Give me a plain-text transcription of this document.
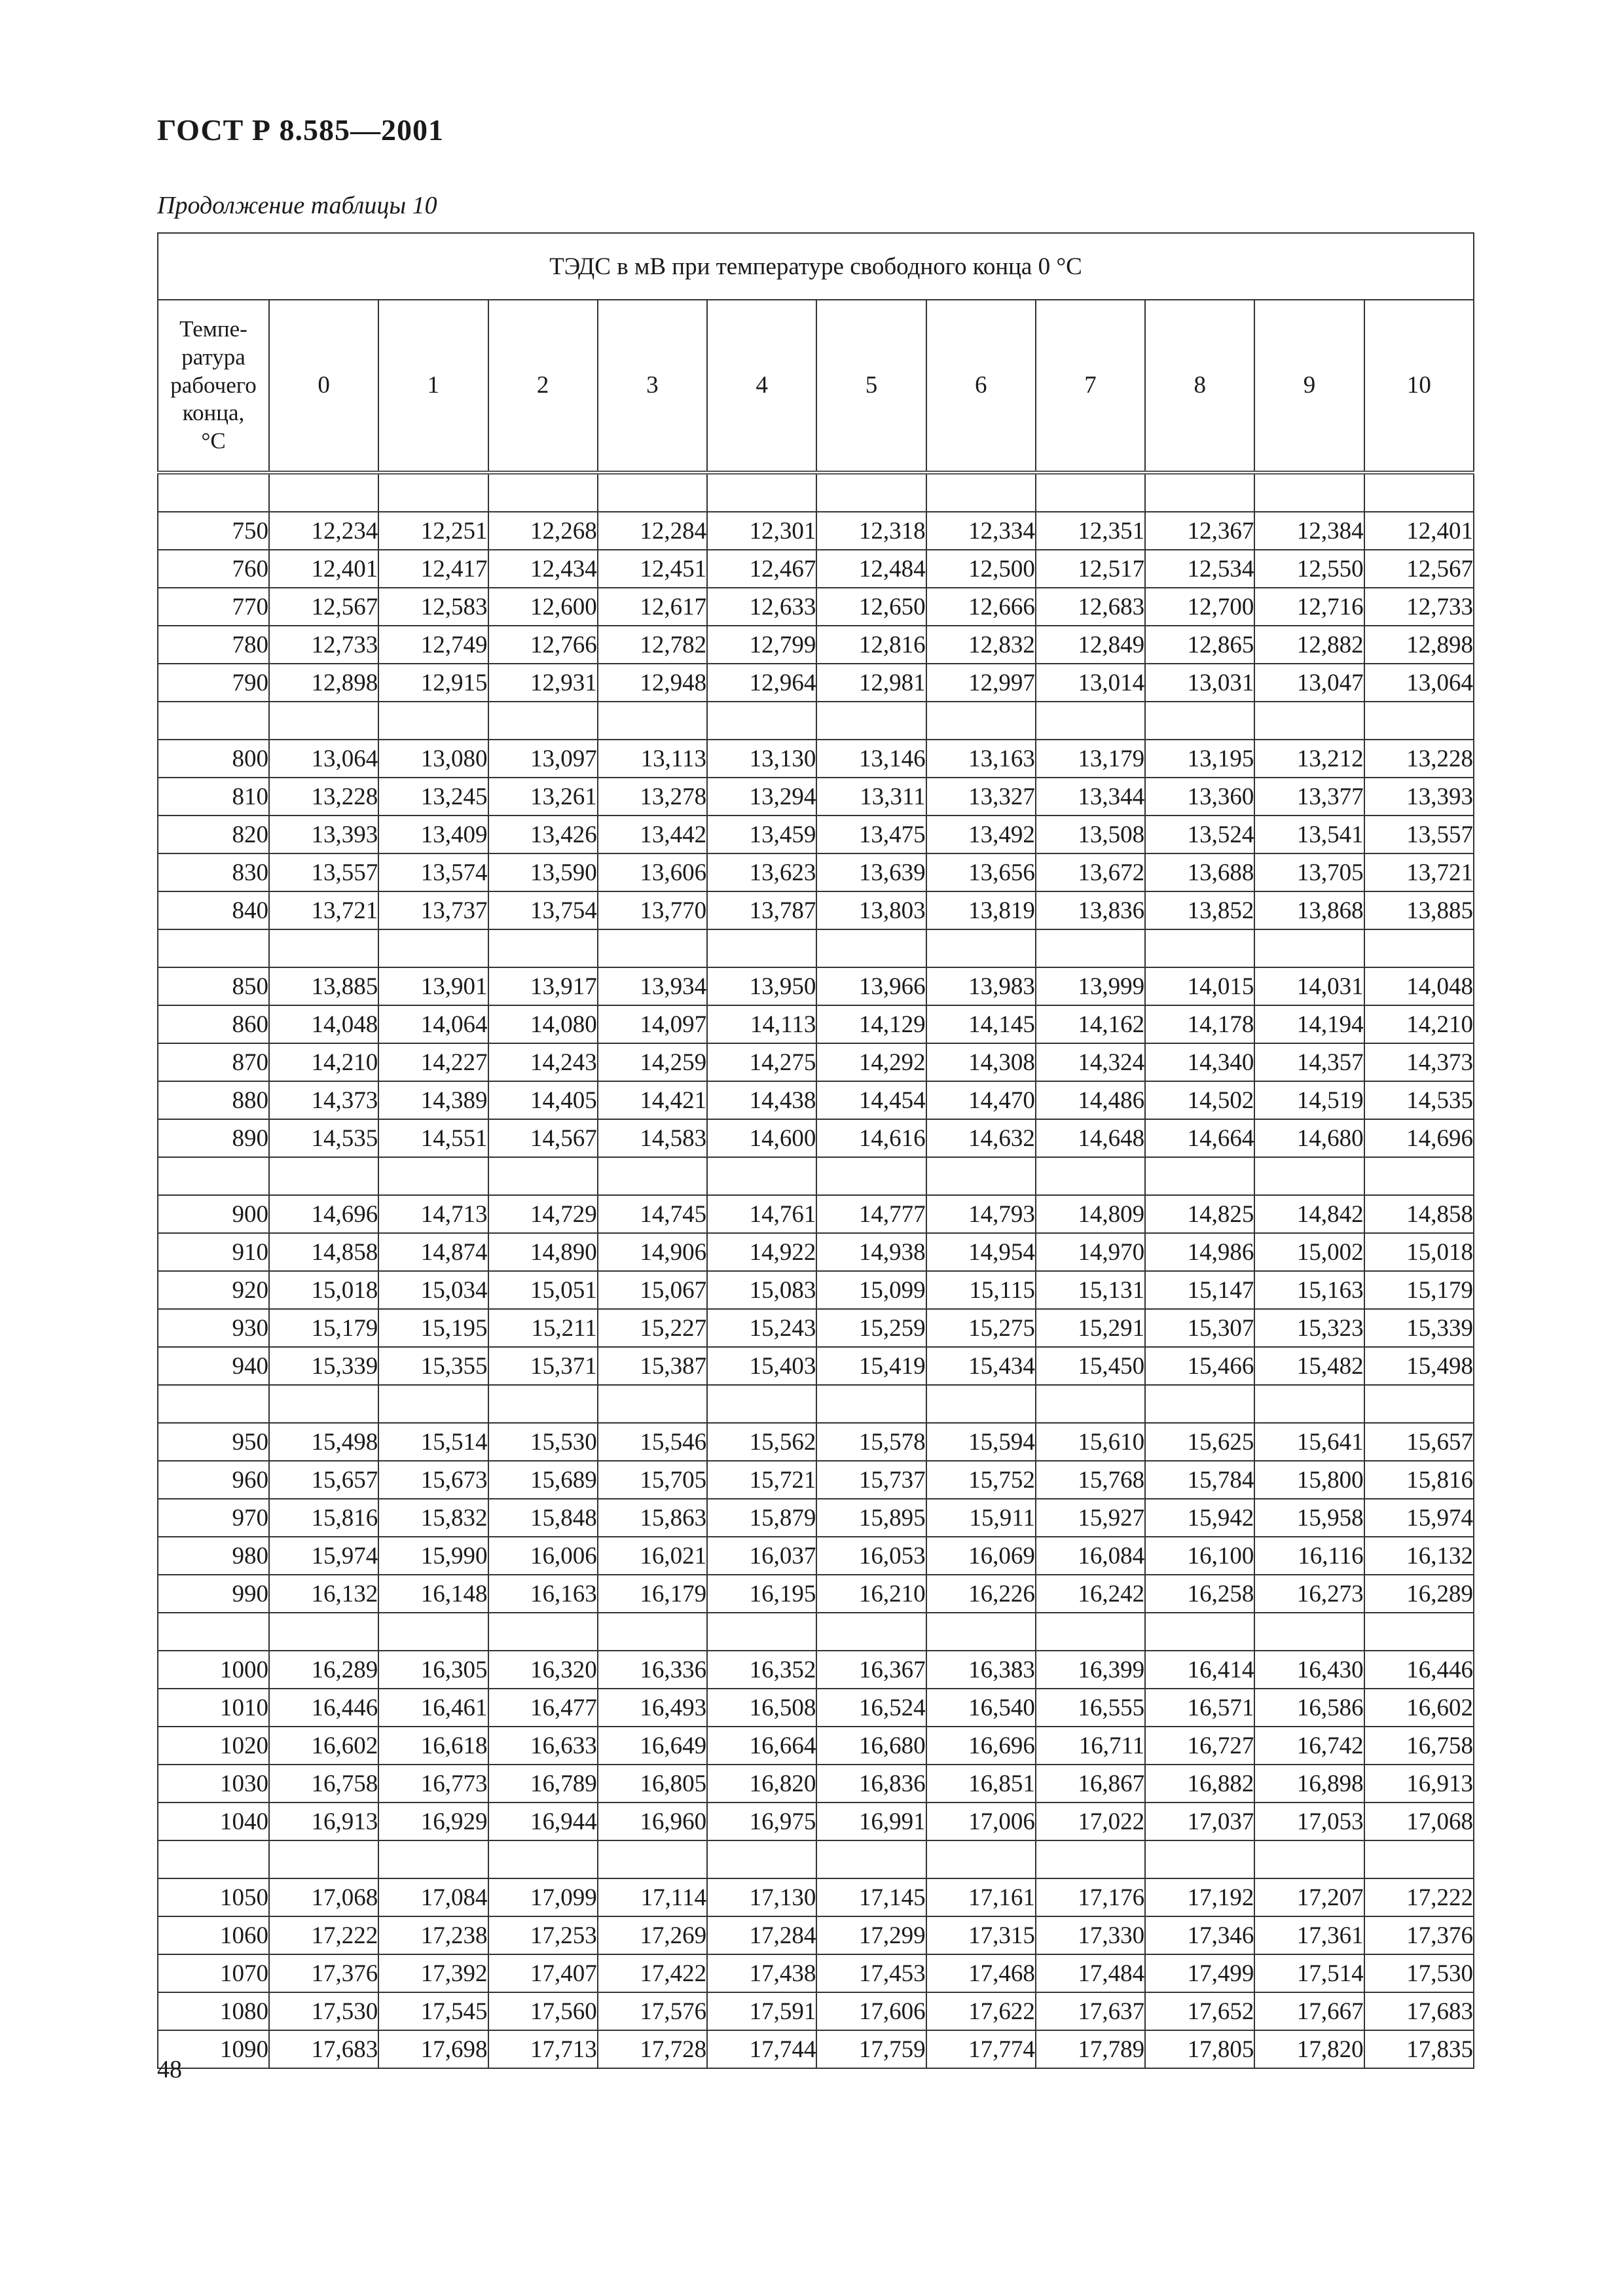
ГОСТ Р 8.585—2001
Продолжение таблицы 10
ТЭДС в мВ при температуре свободного конца 0 °С											
Темпе-
ратура
рабочего
конца,
°С	0	1	2	3	4	5	6	7	8	9	10

750	12,234	12,251	12,268	12,284	12,301	12,318	12,334	12,351	12,367	12,384	12,401
760	12,401	12,417	12,434	12,451	12,467	12,484	12,500	12,517	12,534	12,550	12,567
770	12,567	12,583	12,600	12,617	12,633	12,650	12,666	12,683	12,700	12,716	12,733
780	12,733	12,749	12,766	12,782	12,799	12,816	12,832	12,849	12,865	12,882	12,898
790	12,898	12,915	12,931	12,948	12,964	12,981	12,997	13,014	13,031	13,047	13,064

800	13,064	13,080	13,097	13,113	13,130	13,146	13,163	13,179	13,195	13,212	13,228
810	13,228	13,245	13,261	13,278	13,294	13,311	13,327	13,344	13,360	13,377	13,393
820	13,393	13,409	13,426	13,442	13,459	13,475	13,492	13,508	13,524	13,541	13,557
830	13,557	13,574	13,590	13,606	13,623	13,639	13,656	13,672	13,688	13,705	13,721
840	13,721	13,737	13,754	13,770	13,787	13,803	13,819	13,836	13,852	13,868	13,885

850	13,885	13,901	13,917	13,934	13,950	13,966	13,983	13,999	14,015	14,031	14,048
860	14,048	14,064	14,080	14,097	14,113	14,129	14,145	14,162	14,178	14,194	14,210
870	14,210	14,227	14,243	14,259	14,275	14,292	14,308	14,324	14,340	14,357	14,373
880	14,373	14,389	14,405	14,421	14,438	14,454	14,470	14,486	14,502	14,519	14,535
890	14,535	14,551	14,567	14,583	14,600	14,616	14,632	14,648	14,664	14,680	14,696

900	14,696	14,713	14,729	14,745	14,761	14,777	14,793	14,809	14,825	14,842	14,858
910	14,858	14,874	14,890	14,906	14,922	14,938	14,954	14,970	14,986	15,002	15,018
920	15,018	15,034	15,051	15,067	15,083	15,099	15,115	15,131	15,147	15,163	15,179
930	15,179	15,195	15,211	15,227	15,243	15,259	15,275	15,291	15,307	15,323	15,339
940	15,339	15,355	15,371	15,387	15,403	15,419	15,434	15,450	15,466	15,482	15,498

950	15,498	15,514	15,530	15,546	15,562	15,578	15,594	15,610	15,625	15,641	15,657
960	15,657	15,673	15,689	15,705	15,721	15,737	15,752	15,768	15,784	15,800	15,816
970	15,816	15,832	15,848	15,863	15,879	15,895	15,911	15,927	15,942	15,958	15,974
980	15,974	15,990	16,006	16,021	16,037	16,053	16,069	16,084	16,100	16,116	16,132
990	16,132	16,148	16,163	16,179	16,195	16,210	16,226	16,242	16,258	16,273	16,289

1000	16,289	16,305	16,320	16,336	16,352	16,367	16,383	16,399	16,414	16,430	16,446
1010	16,446	16,461	16,477	16,493	16,508	16,524	16,540	16,555	16,571	16,586	16,602
1020	16,602	16,618	16,633	16,649	16,664	16,680	16,696	16,711	16,727	16,742	16,758
1030	16,758	16,773	16,789	16,805	16,820	16,836	16,851	16,867	16,882	16,898	16,913
1040	16,913	16,929	16,944	16,960	16,975	16,991	17,006	17,022	17,037	17,053	17,068

1050	17,068	17,084	17,099	17,114	17,130	17,145	17,161	17,176	17,192	17,207	17,222
1060	17,222	17,238	17,253	17,269	17,284	17,299	17,315	17,330	17,346	17,361	17,376
1070	17,376	17,392	17,407	17,422	17,438	17,453	17,468	17,484	17,499	17,514	17,530
1080	17,530	17,545	17,560	17,576	17,591	17,606	17,622	17,637	17,652	17,667	17,683
1090	17,683	17,698	17,713	17,728	17,744	17,759	17,774	17,789	17,805	17,820	17,835
48
